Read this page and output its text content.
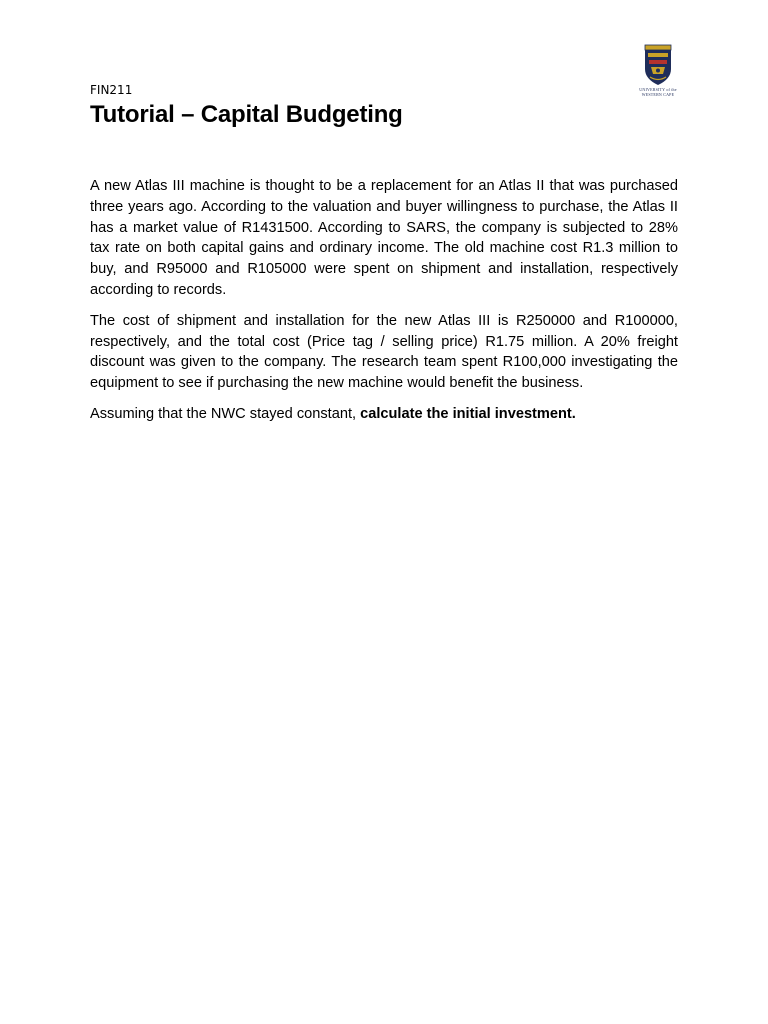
FIN211
Tutorial – Capital Budgeting
UNIVERSITY of the
WESTERN CAPE

A new Atlas III machine is thought to be a replacement for an Atlas II that was purchased three years ago. According to the valuation and buyer willingness to purchase, the Atlas II has a market value of R1431500. According to SARS, the company is subjected to 28% tax rate on both capital gains and ordinary income. The old machine cost R1.3 million to buy, and R95000 and R105000 were spent on shipment and installation, respectively according to records.

The cost of shipment and installation for the new Atlas III is R250000 and R100000, respectively, and the total cost (Price tag / selling price) R1.75 million. A 20% freight discount was given to the company. The research team spent R100,000 investigating the equipment to see if purchasing the new machine would benefit the business.

Assuming that the NWC stayed constant, calculate the initial investment.
